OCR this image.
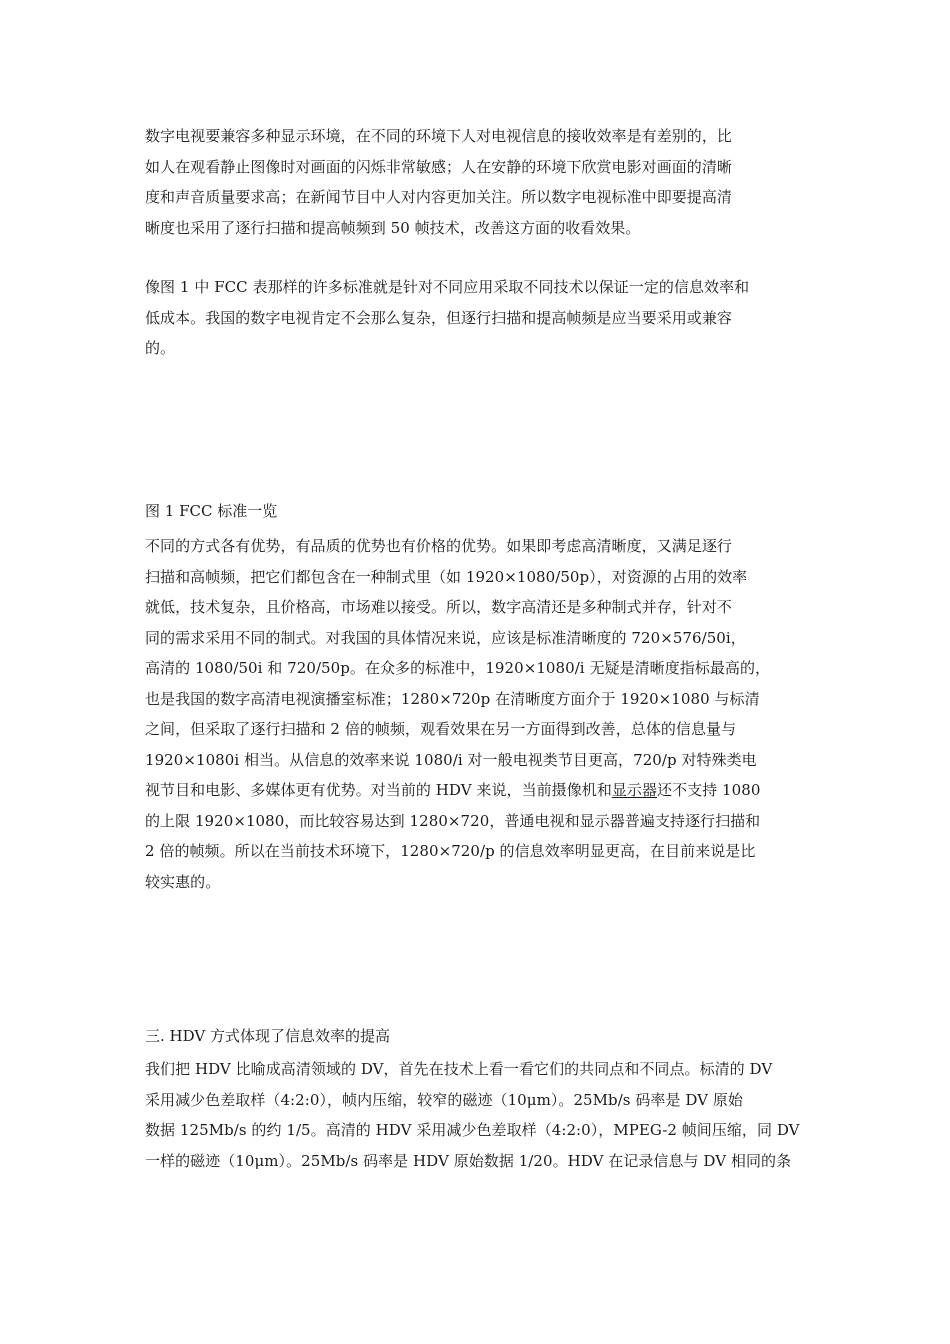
数字电视要兼容多种显示环境，在不同的环境下人对电视信息的接收效率是有差别的，比
如人在观看静止图像时对画面的闪烁非常敏感；人在安静的环境下欣赏电影对画面的清晰
度和声音质量要求高；在新闻节目中人对内容更加关注。所以数字电视标准中即要提高清
晰度也采用了逐行扫描和提高帧频到 50 帧技术，改善这方面的收看效果。

像图 1 中 FCC 表那样的许多标准就是针对不同应用采取不同技术以保证一定的信息效率和
低成本。我国的数字电视肯定不会那么复杂，但逐行扫描和提高帧频是应当要采用或兼容
的。

图 1 FCC 标准一览

不同的方式各有优势，有品质的优势也有价格的优势。如果即考虑高清晰度，又满足逐行
扫描和高帧频，把它们都包含在一种制式里（如 1920×1080/50p），对资源的占用的效率
就低，技术复杂，且价格高，市场难以接受。所以，数字高清还是多种制式并存，针对不
同的需求采用不同的制式。对我国的具体情况来说，应该是标准清晰度的 720×576/50i，
高清的 1080/50i 和 720/50p。在众多的标准中，1920×1080/i 无疑是清晰度指标最高的，
也是我国的数字高清电视演播室标准；1280×720p 在清晰度方面介于 1920×1080 与标清
之间，但采取了逐行扫描和 2 倍的帧频，观看效果在另一方面得到改善，总体的信息量与
1920×1080i 相当。从信息的效率来说 1080/i 对一般电视类节目更高，720/p 对特殊类电
视节目和电影、多媒体更有优势。对当前的 HDV 来说，当前摄像机和显示器还不支持 1080
的上限 1920×1080，而比较容易达到 1280×720，普通电视和显示器普遍支持逐行扫描和
2 倍的帧频。所以在当前技术环境下，1280×720/p 的信息效率明显更高，在目前来说是比
较实惠的。

三. HDV 方式体现了信息效率的提高

我们把 HDV 比喻成高清领域的 DV，首先在技术上看一看它们的共同点和不同点。标清的 DV
采用减少色差取样（4:2:0），帧内压缩，较窄的磁迹（10μm）。25Mb/s 码率是 DV 原始
数据 125Mb/s 的约 1/5。高清的 HDV 采用减少色差取样（4:2:0），MPEG-2 帧间压缩，同 DV
一样的磁迹（10μm）。25Mb/s 码率是 HDV 原始数据 1/20。HDV 在记录信息与 DV 相同的条
